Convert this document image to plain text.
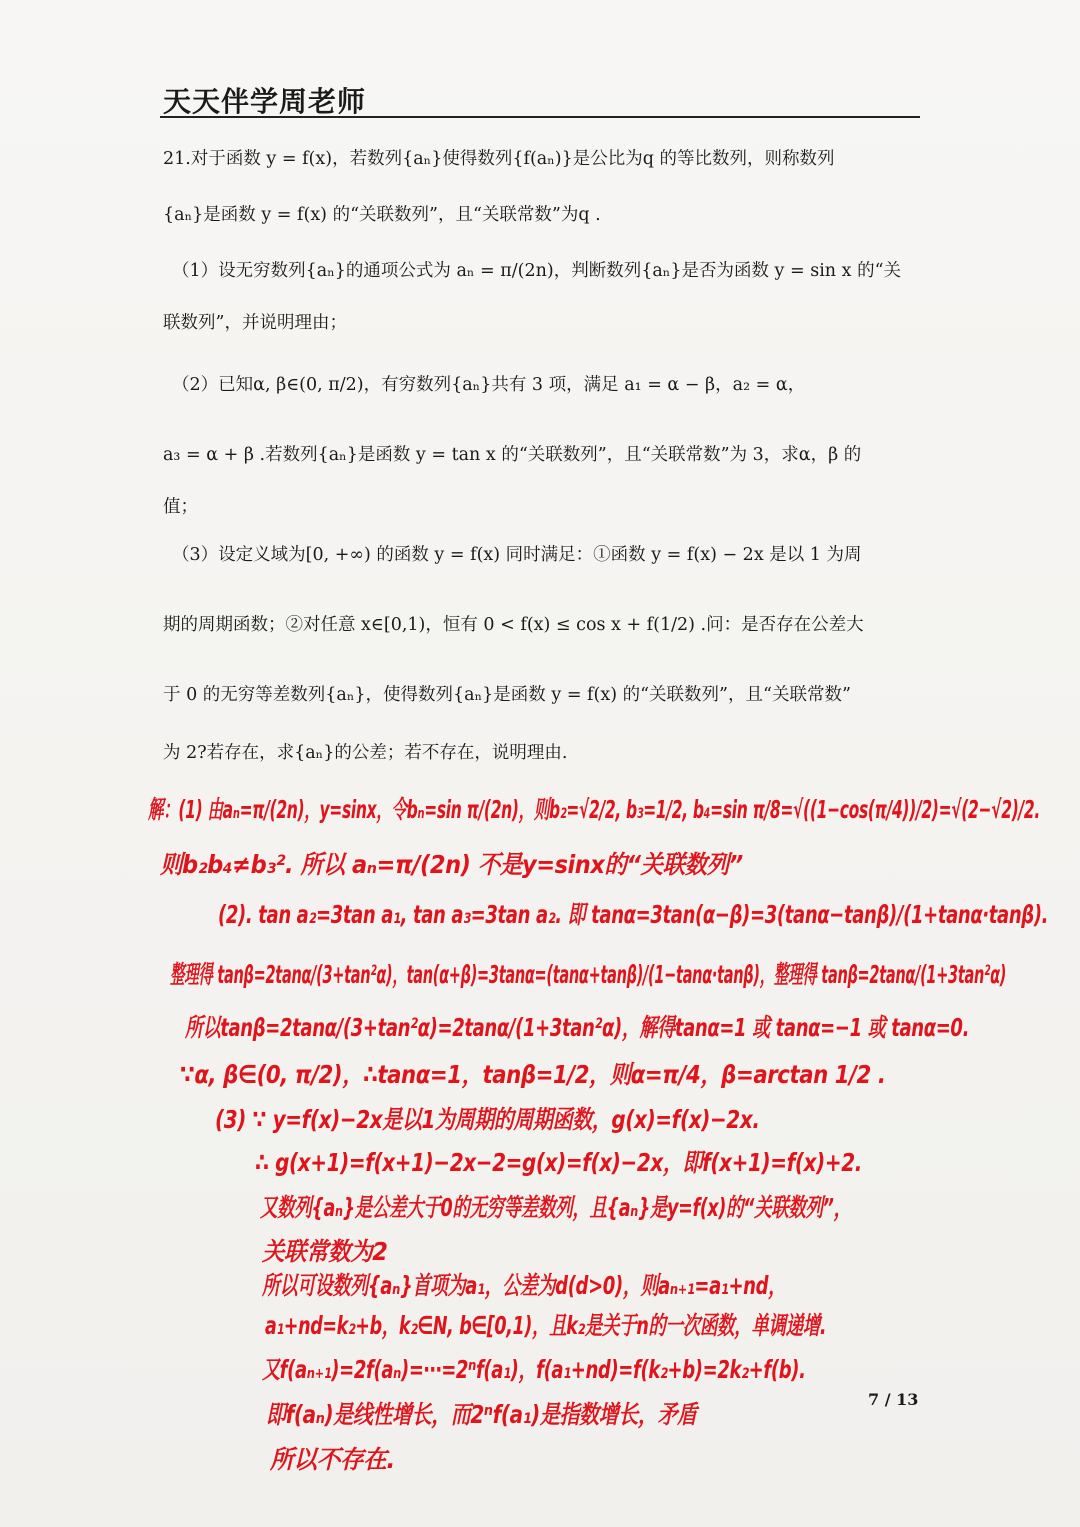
天天伴学周老师
21.对于函数 y = f(x)，若数列{aₙ}使得数列{f(aₙ)}是公比为q 的等比数列，则称数列
{aₙ}是函数 y = f(x) 的“关联数列”，且“关联常数”为q .
（1）设无穷数列{aₙ}的通项公式为 aₙ = π/(2n)，判断数列{aₙ}是否为函数 y = sin x 的“关
联数列”，并说明理由；
（2）已知α, β∈(0, π/2)，有穷数列{aₙ}共有 3 项，满足 a₁ = α − β，a₂ = α，
a₃ = α + β .若数列{aₙ}是函数 y = tan x 的“关联数列”，且“关联常数”为 3，求α，β 的
值；
（3）设定义域为[0, +∞) 的函数 y = f(x) 同时满足：①函数 y = f(x) − 2x 是以 1 为周
期的周期函数；②对任意 x∈[0,1)，恒有 0 < f(x) ≤ cos x + f(1/2) .问：是否存在公差大
于 0 的无穷等差数列{aₙ}，使得数列{aₙ}是函数 y = f(x) 的“关联数列”，且“关联常数”
为 2?若存在，求{aₙ}的公差；若不存在，说明理由.
解：(1) 由aₙ=π/(2n)，y=sinx，令bₙ=sin π/(2n)，则b₂=√2/2, b₃=1/2, b₄=sin π/8=√((1−cos(π/4))/2)=√(2−√2)/2.
则b₂b₄≠b₃². 所以 aₙ=π/(2n) 不是y=sinx的“关联数列”
(2). tan a₂=3tan a₁, tan a₃=3tan a₂. 即 tanα=3tan(α−β)=3(tanα−tanβ)/(1+tanα·tanβ).
整理得 tanβ=2tanα/(3+tan²α)，tan(α+β)=3tanα=(tanα+tanβ)/(1−tanα·tanβ)，整理得 tanβ=2tanα/(1+3tan²α)
所以tanβ=2tanα/(3+tan²α)=2tanα/(1+3tan²α)，解得tanα=1 或 tanα=−1 或 tanα=0.
∵α, β∈(0, π/2)，∴tanα=1，tanβ=1/2，则α=π/4，β=arctan 1/2 .
(3) ∵ y=f(x)−2x是以1为周期的周期函数，g(x)=f(x)−2x.
∴ g(x+1)=f(x+1)−2x−2=g(x)=f(x)−2x，即f(x+1)=f(x)+2.
又数列{aₙ}是公差大于0的无穷等差数列，且{aₙ}是y=f(x)的“关联数列”，
关联常数为2
所以可设数列{aₙ}首项为a₁，公差为d(d>0)，则aₙ₊₁=a₁+nd，
a₁+nd=k₂+b，k₂∈N, b∈[0,1)，且k₂是关于n的一次函数，单调递增.
又f(aₙ₊₁)=2f(aₙ)=⋯=2ⁿf(a₁)，f(a₁+nd)=f(k₂+b)=2k₂+f(b).
即f(aₙ)是线性增长，而2ⁿf(a₁)是指数增长，矛盾
所以不存在.
7 / 13
